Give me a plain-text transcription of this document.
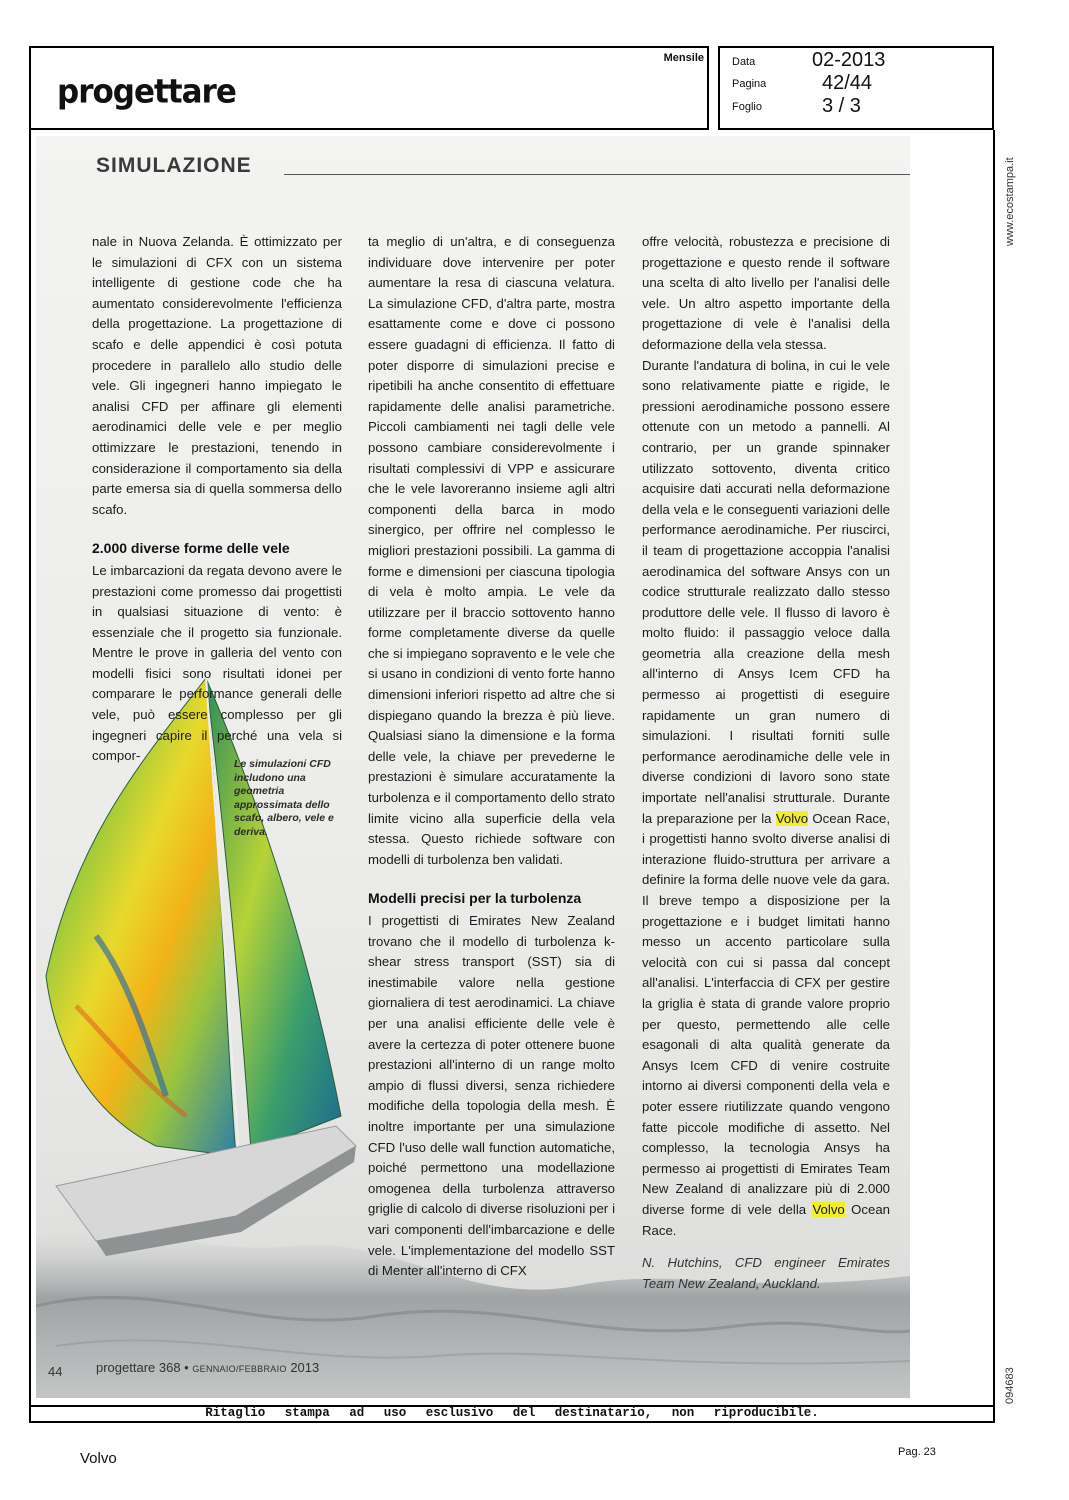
progettare
Mensile	Data	02-2013
Pagina	42/44
Foglio	3 / 3
SIMULAZIONE
Le simulazioni CFD includono una geometria approssimata dello scafo, albero, vele e deriva.

nale in Nuova Zelanda. È ottimizzato per le simulazioni di CFX con un sistema intelligente di gestione code che ha aumentato considerevolmente l'efficienza della progettazione. La progettazione di scafo e delle appendici è così potuta procedere in parallelo allo studio delle vele. Gli ingegneri hanno impiegato le analisi CFD per affinare gli elementi aerodinamici delle vele e per meglio ottimizzare le prestazioni, tenendo in considerazione il comportamento sia della parte emersa sia di quella sommersa dello scafo.

2.000 diverse forme delle vele

Le imbarcazioni da regata devono avere le prestazioni come promesso dai progettisti in qualsiasi situazione di vento: è essenziale che il progetto sia funzionale. Mentre le prove in galleria del vento con modelli fisici sono risultati idonei per comparare le performance generali delle vele, può essere complesso per gli ingegneri capire il perché una vela si compor-

ta meglio di un'altra, e di conseguenza individuare dove intervenire per poter aumentare la resa di ciascuna velatura. La simulazione CFD, d'altra parte, mostra esattamente come e dove ci possono essere guadagni di efficienza. Il fatto di poter disporre di simulazioni precise e ripetibili ha anche consentito di effettuare rapidamente delle analisi parametriche. Piccoli cambiamenti nei tagli delle vele possono cambiare considerevolmente i risultati complessivi di VPP e assicurare che le vele lavoreranno insieme agli altri componenti della barca in modo sinergico, per offrire nel complesso le migliori prestazioni possibili. La gamma di forme e dimensioni per ciascuna tipologia di vela è molto ampia. Le vele da utilizzare per il braccio sottovento hanno forme completamente diverse da quelle che si impiegano sopravento e le vele che si usano in condizioni di vento forte hanno dimensioni inferiori rispetto ad altre che si dispiegano quando la brezza è più lieve. Qualsiasi siano la dimensione e la forma delle vele, la chiave per prevederne le prestazioni è simulare accuratamente la turbolenza e il comportamento dello strato limite vicino alla superficie della vela stessa. Questo richiede software con modelli di turbolenza ben validati.

Modelli precisi per la turbolenza

I progettisti di Emirates New Zealand trovano che il modello di turbolenza k-shear stress transport (SST) sia di inestimabile valore nella gestione giornaliera di test aerodinamici. La chiave per una analisi efficiente delle vele è avere la certezza di poter ottenere buone prestazioni all'interno di un range molto ampio di flussi diversi, senza richiedere modifiche della topologia della mesh. È inoltre importante per una simulazione CFD l'uso delle wall function automatiche, poiché permettono una modellazione omogenea della turbolenza attraverso griglie di calcolo di diverse risoluzioni per i vari componenti dell'imbarcazione e delle vele. L'implementazione del modello SST di Menter all'interno di CFX

offre velocità, robustezza e precisione di progettazione e questo rende il software una scelta di alto livello per l'analisi delle vele. Un altro aspetto importante della progettazione di vele è l'analisi della deformazione della vela stessa.

Durante l'andatura di bolina, in cui le vele sono relativamente piatte e rigide, le pressioni aerodinamiche possono essere ottenute con un metodo a pannelli. Al contrario, per un grande spinnaker utilizzato sottovento, diventa critico acquisire dati accurati nella deformazione della vela e le conseguenti variazioni delle performance aerodinamiche. Per riuscirci, il team di progettazione accoppia l'analisi aerodinamica del software Ansys con un codice strutturale realizzato dallo stesso produttore delle vele. Il flusso di lavoro è molto fluido: il passaggio veloce dalla geometria alla creazione della mesh all'interno di Ansys Icem CFD ha permesso ai progettisti di eseguire rapidamente un gran numero di simulazioni. I risultati forniti sulle performance aerodinamiche delle vele in diverse condizioni di lavoro sono state importate nell'analisi strutturale. Durante la preparazione per la Volvo Ocean Race, i progettisti hanno svolto diverse analisi di interazione fluido-struttura per arrivare a definire la forma delle nuove vele da gara. Il breve tempo a disposizione per la progettazione e i budget limitati hanno messo un accento particolare sulla velocità con cui si passa dal concept all'analisi. L'interfaccia di CFX per gestire la griglia è stata di grande valore proprio per questo, permettendo alle celle esagonali di alta qualità generate da Ansys Icem CFD di venire costruite intorno ai diversi componenti della vela e poter essere riutilizzate quando vengono fatte piccole modifiche di assetto. Nel complesso, la tecnologia Ansys ha permesso ai progettisti di Emirates Team New Zealand di analizzare più di 2.000 diverse forme di vele della Volvo Ocean Race.

N. Hutchins, CFD engineer Emirates Team New Zealand, Auckland.

44	progettare 368 • GENNAIO/FEBBRAIO 2013
www.ecostampa.it
094683
Ritaglio stampa ad uso esclusivo del destinatario, non riproducibile.
Volvo	Pag. 23
